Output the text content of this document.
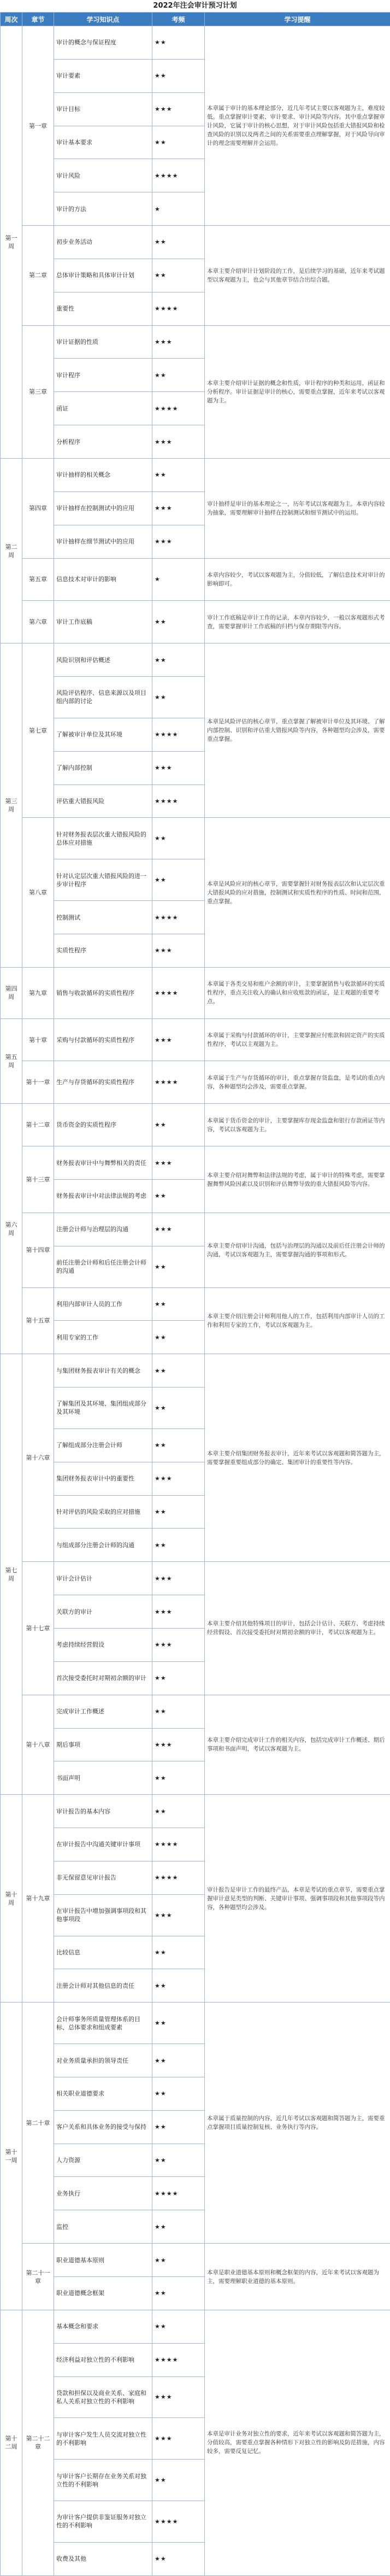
2022年注会审计预习计划
周次	章节	学习知识点	考频	学习提醒
第一周	第一章	审计的概念与保证程度	★★	本章属于审计的基本理论部分，近几年考试主要以客观题为主，难度较低。重点掌握审计要素、审计要求、审计风险等内容。其中重点掌握审计风险，它属于审计的核心思想，对于审计风险包括重大错报风险和检查风险的识别以及两者之间的关系需要重点理解掌握，对于风险导向审计的理念需要理解并会运用。
		审计要素	★★	
		审计目标	★★★	
		审计基本要求	★★	
		审计风险	★★★★	
		审计的方法	★	
	第二章	初步业务活动	★★	本章主要介绍审计计划阶段的工作，是后续学习的基础，近年来考试题型以客观题为主，也会与其他章节结合出综合题。
		总体审计策略和具体审计计划	★★	
		重要性	★★★★	
	第三章	审计证据的性质	★★★	本章主要介绍审计证据的概念和性质，审计程序的种类和运用，函证和分析程序。审计证据是审计的核心，需要重点掌握，近年来考试以客观题为主。
		审计程序	★★	
		函证	★★★★	
		分析程序	★★★	
第二周	第四章	审计抽样的相关概念	★★	审计抽样是审计的基本理论之一，历年考试以客观题为主。本章内容较为抽象，需要理解审计抽样在控制测试和细节测试中的运用。
		审计抽样在控制测试中的应用	★★★	
		审计抽样在细节测试中的应用	★★★	
	第五章	信息技术对审计的影响	★	本章内容较少，考试以客观题为主，分值较低，了解信息技术对审计的影响即可。
	第六章	审计工作底稿	★★	审计工作底稿是审计工作的记录，本章内容较少，一般以客观题形式考查，需要掌握审计工作底稿的归档与保存期限等内容。
第三周	第七章	风险识别和评估概述	★★	本章是风险评估的核心章节，重点掌握了解被审计单位及其环境、了解内部控制、识别和评估重大错报风险等内容，各种题型均会涉及，需要重点掌握。
		风险评估程序、信息来源以及项目组内部的讨论	★★	
		了解被审计单位及其环境	★★★★	
		了解内部控制	★★★	
		评估重大错报风险	★★★★	
	第八章	针对财务报表层次重大错报风险的总体应对措施	★★	本章是风险应对的核心章节，需要掌握针对财务报表层次和认定层次重大错报风险的应对措施，控制测试和实质性程序的性质、时间和范围，重点掌握。
		针对认定层次重大错报风险的进一步审计程序	★★	
		控制测试	★★★★	
		实质性程序	★★★	
第四周	第九章	销售与收款循环的实质性程序	★★★★	本章属于各类交易和账户余额的审计，主要掌握销售与收款循环的实质性程序，重点关注收入的确认和应收账款的函证，是主观题的重要考点。
第五周	第十章	采购与付款循环的实质性程序	★★★	本章属于采购与付款循环的审计，主要掌握应付账款和固定资产的实质性程序，考试以主观题为主。
	第十一章	生产与存货循环的实质性程序	★★★★	本章属于生产与存货循环的审计，重点掌握存货监盘，是考试的重点内容，各种题型均会涉及，需要重点掌握。
第六周	第十二章	货币资金的实质性程序	★★	本章属于货币资金的审计，主要掌握库存现金监盘和银行存款函证等内容，考试以客观题为主。
	第十三章	财务报表审计中与舞弊相关的责任	★★★	本章主要介绍对舞弊和法律法规的考虑，属于审计的特殊考虑，需要掌握舞弊风险因素以及识别和评估舞弊导致的重大错报风险等内容。
		财务报表审计中对法律法规的考虑	★★	
	第十四章	注册会计师与治理层的沟通	★★★	本章主要介绍审计沟通，包括与治理层的沟通以及前后任注册会计师的沟通，考试以客观题为主，需要掌握沟通的事项和形式。
		前任注册会计师和后任注册会计师的沟通	★★	
	第十五章	利用内部审计人员的工作	★★	本章主要介绍注册会计师利用他人的工作，包括利用内部审计人员的工作和利用专家的工作，考试以客观题为主。
		利用专家的工作	★★	
第七周	第十六章	与集团财务报表审计有关的概念	★★	本章主要介绍集团财务报表审计，近年来考试以客观题和简答题为主，需要掌握重要组成部分的确定、集团审计的重要性等内容。
		了解集团及其环境、集团组成部分及其环境	★★	
		了解组成部分注册会计师	★★	
		集团财务报表审计中的重要性	★★★	
		针对评估的风险采取的应对措施	★★	
		与组成部分注册会计师的沟通	★★	
	第十七章	审计会计估计	★★★	本章主要介绍其他特殊项目的审计，包括会计估计、关联方、考虑持续经营假设、首次接受委托时对期初余额的审计，考试以客观题为主。
		关联方的审计	★★★	
		考虑持续经营假设	★★★	
		首次接受委托时对期初余额的审计	★★	
	第十八章	完成审计工作概述	★★	本章主要介绍完成审计工作的相关内容，包括完成审计工作概述、期后事项和书面声明，考试以客观题为主。
		期后事项	★★★	
		书面声明	★★	
第十周	第十九章	审计报告的基本内容	★★	审计报告是审计工作的最终产品，本章是考试的重点章节，需要重点掌握审计意见类型的判断、关键审计事项、强调事项段和其他事项段等内容，各种题型均会涉及。
		在审计报告中沟通关键审计事项	★★★★	
		非无保留意见审计报告	★★★★	
		在审计报告中增加强调事项段和其他事项段	★★★	
		比较信息	★★	
		注册会计师对其他信息的责任	★★	
第十一周	第二十章	会计师事务所质量管理体系的目标、总体要求和组成要素	★★	本章属于质量控制的内容，近几年考试以客观题和简答题为主，需要重点掌握项目质量控制复核、业务执行等内容。
		对业务质量承担的领导责任	★★	
		相关职业道德要求	★★	
		客户关系和具体业务的接受与保持	★★	
		人力资源	★★	
		业务执行	★★★★	
		监控	★★	
	第二十一章	职业道德基本原则	★★	本章是职业道德基本原则和概念框架的内容，近年来考试以客观题为主，需要理解职业道德的基本原则。
		职业道德概念框架	★★	
第十二周	第二十二章	基本概念和要求	★★	本章是审计业务对独立性的要求，近年来考试以客观题和简答题为主，分值较高，需要重点掌握各种情形下对独立性的影响及防范措施，内容较多，需要反复记忆。
		经济利益对独立性的不利影响	★★★★	
		贷款和担保以及商业关系、家庭和私人关系对独立性的不利影响	★★★	
		与审计客户发生人员交流对独立性的不利影响	★★★	
		与审计客户长期存在业务关系对独立性的不利影响	★★	
		为审计客户提供非鉴证服务对独立性的不利影响	★★★★	
		收费及其他	★★	
